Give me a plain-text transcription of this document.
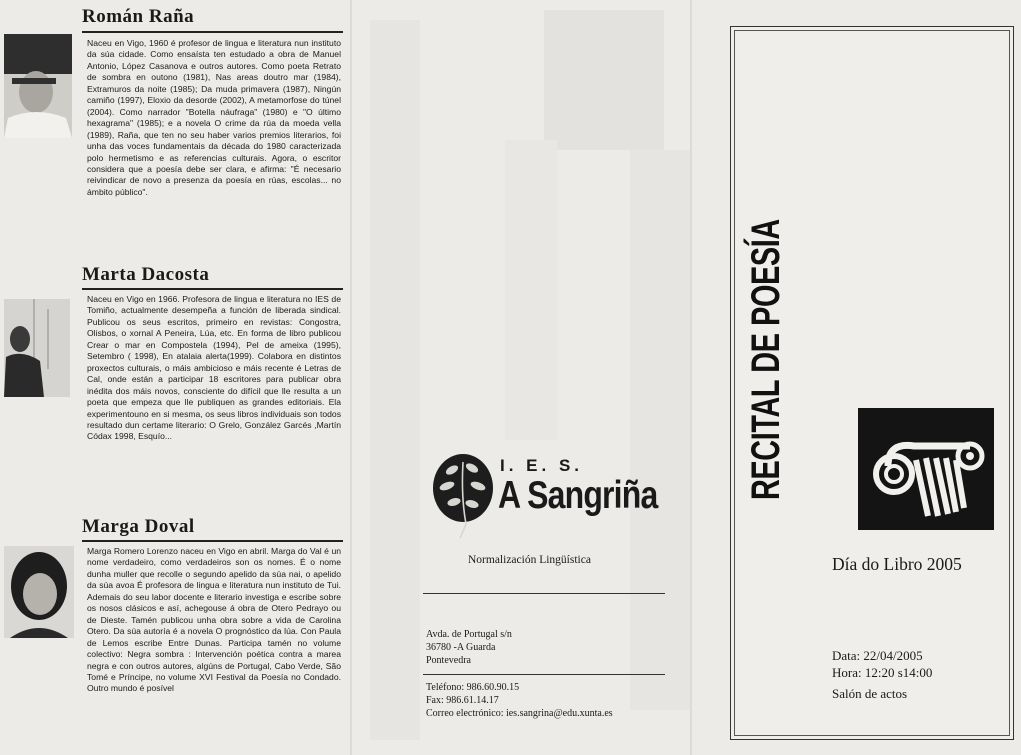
Román Raña
Naceu en Vigo, 1960 é profesor de lingua e literatura nun instituto da súa cidade. Como ensaísta ten estudado a obra de Manuel Antonio, López Casanova e outros autores. Como poeta Retrato de sombra en outono (1981), Nas areas doutro mar (1984), Extramuros da noite (1985); Da muda primavera (1987), Ningún camiño (1997), Eloxio da desorde (2002), A metamorfose do túnel (2004). Como narrador "Botella náufraga" (1980) e "O último hexagrama" (1985); e a novela O crime da rúa da moeda vella (1989), Raña, que ten no seu haber varios premios literarios, foi unha das voces fundamentais da década do 1980 caracterizada polo hermetismo e as referencias culturais. Agora, o escritor considera que a poesía debe ser clara, e afirma: "É necesario reivindicar de novo a presenza da poesía en rúas, escolas... no ámbito público".
Marta Dacosta
Naceu en Vigo en 1966. Profesora de lingua e literatura no IES de Tomiño, actualmente desempeña a función de liberada sindical. Publicou os seus escritos, primeiro en revistas: Congostra, Olisbos, o xornal A Peneira, Lúa, etc. En forma de libro publicou Crear o mar en Compostela (1994), Pel de ameixa (1995), Setembro ( 1998), En atalaia alerta(1999). Colabora en distintos proxectos culturais, o máis ambicioso e máis recente é Letras de Cal, onde están a participar 18 escritores para publicar obra inédita dos máis novos, consciente do difícil que lle resulta a un poeta que empeza que lle publiquen as grandes editoriais. Ela experimentouno en si mesma, os seus libros individuais son todos resultado dun certame literario: O Grelo, González Garcés ,Martín Códax 1998, Esquío...
Marga Doval
Marga Romero Lorenzo naceu en Vigo en abril. Marga do Val é un nome verdadeiro, como verdadeiros son os nomes. É o nome dunha muller que recolle o segundo apelido da súa nai, o apelido da súa avoa É profesora de lingua e literatura nun instituto de Tui. Ademais do seu labor docente e literario investiga e escribe sobre os nosos clásicos e así, achegouse á obra de Otero Pedrayo ou de Dieste. Tamén publicou unha obra sobre a vida de Carolina Otero. Da súa autoría é a novela O prognóstico da lúa. Con Paula de Lemos escribe Entre Dunas. Participa tamén no volume colectivo: Negra sombra : Intervención poética contra a marea negra e con outros autores, algúns de Portugal, Cabo Verde, São Tomé e Príncipe, no volume XVI Festival da Poesía no Condado. Outro mundo é posível
I. E. S.
A Sangriña
Normalización Lingüística
Avda. de Portugal s/n
36780 -A Guarda
Pontevedra
Teléfono: 986.60.90.15
Fax: 986.61.14.17
Correo electrónico: ies.sangrina@edu.xunta.es
RECITAL DE POESÍA
Día do Libro 2005
Data: 22/04/2005
Hora: 12:20 s14:00
Salón de actos
